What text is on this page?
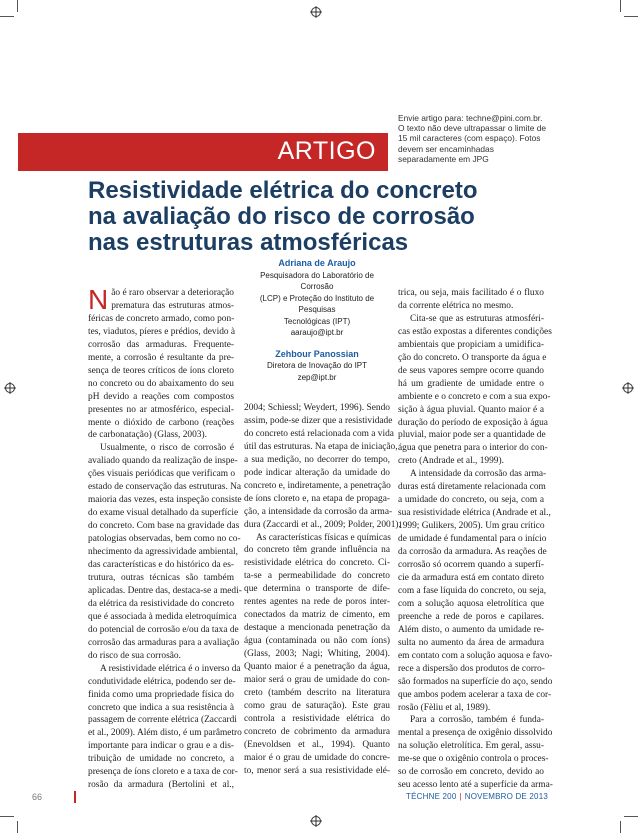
ARTIGO
Envie artigo para: techne@pini.com.br. O texto não deve ultrapassar o limite de 15 mil caracteres (com espaço). Fotos devem ser encaminhadas separadamente em JPG
Resistividade elétrica do concreto
na avaliação do risco de corrosão
nas estruturas atmosféricas
N ão é raro observar a deterioração
prematura das estruturas atmos-
féricas de concreto armado, como pon-
tes, viadutos, píeres e prédios, devido à
corrosão das armaduras. Frequente-
mente, a corrosão é resultante da pre-
sença de teores críticos de íons cloreto
no concreto ou do abaixamento do seu
pH devido a reações com compostos
presentes no ar atmosférico, especial-
mente o dióxido de carbono (reações
de carbonatação) (Glass, 2003).
Usualmente, o risco de corrosão é
avaliado quando da realização de inspe-
ções visuais periódicas que verificam o
estado de conservação das estruturas. Na
maioria das vezes, esta inspeção consiste
do exame visual detalhado da superfície
do concreto. Com base na gravidade das
patologias observadas, bem como no co-
nhecimento da agressividade ambiental,
das características e do histórico da es-
trutura, outras técnicas são também
aplicadas. Dentre das, destaca-se a medi-
da elétrica da resistividade do concreto
que é associada à medida eletroquímica
do potencial de corrosão e/ou da taxa de
corrosão das armaduras para a avaliação
do risco de sua corrosão.
A resistividade elétrica é o inverso da
condutividade elétrica, podendo ser de-
finida como uma propriedade física do
concreto que indica a sua resistência à
passagem de corrente elétrica (Zaccardi
et al., 2009). Além disto, é um parâmetro
importante para indicar o grau e a dis-
tribuição de umidade no concreto, a
presença de íons cloreto e a taxa de cor-
rosão da armadura (Bertolini et al.,
Adriana de Araujo
Pesquisadora do Laboratório de Corrosão
(LCP) e Proteção do Instituto de Pesquisas
Tecnológicas (IPT)
aaraujo@ipt.br
Zehbour Panossian
Diretora de Inovação do IPT
zep@ipt.br
2004; Schiessl; Weydert, 1996). Sendo
assim, pode-se dizer que a resistividade
do concreto está relacionada com a vida
útil das estruturas. Na etapa de iniciação,
a sua medição, no decorrer do tempo,
pode indicar alteração da umidade do
concreto e, indiretamente, a penetração
de íons cloreto e, na etapa de propaga-
ção, a intensidade da corrosão da arma-
dura (Zaccardi et al., 2009; Polder, 2001).
As características físicas e químicas
do concreto têm grande influência na
resistividade elétrica do concreto. Ci-
ta-se a permeabilidade do concreto
que determina o transporte de dife-
rentes agentes na rede de poros inter-
conectados da matriz de cimento, em
destaque a mencionada penetração da
água (contaminada ou não com íons)
(Glass, 2003; Nagi; Whiting, 2004).
Quanto maior é a penetração da água,
maior será o grau de umidade do con-
creto (também descrito na literatura
como grau de saturação). Este grau
controla a resistividade elétrica do
concreto de cobrimento da armadura
(Enevoldsen et al., 1994). Quanto
maior é o grau de umidade do concre-
to, menor será a sua resistividade elé-
trica, ou seja, mais facilitado é o fluxo
da corrente elétrica no mesmo.
Cita-se que as estruturas atmosféri-
cas estão expostas a diferentes condições
ambientais que propiciam a umidifica-
ção do concreto. O transporte da água e
de seus vapores sempre ocorre quando
há um gradiente de umidade entre o
ambiente e o concreto e com a sua expo-
sição à água pluvial. Quanto maior é a
duração do período de exposição à água
pluvial, maior pode ser a quantidade de
água que penetra para o interior do con-
creto (Andrade et al., 1999).
A intensidade da corrosão das arma-
duras está diretamente relacionada com
a umidade do concreto, ou seja, com a
sua resistividade elétrica (Andrade et al.,
1999; Gulikers, 2005). Um grau crítico
de umidade é fundamental para o início
da corrosão da armadura. As reações de
corrosão só ocorrem quando a superfí-
cie da armadura está em contato direto
com a fase líquida do concreto, ou seja,
com a solução aquosa eletrolítica que
preenche a rede de poros e capilares.
Além disto, o aumento da umidade re-
sulta no aumento da área de armadura
em contato com a solução aquosa e favo-
rece a dispersão dos produtos de corro-
são formados na superfície do aço, sendo
que ambos podem acelerar a taxa de cor-
rosão (Fèliu et al, 1989).
Para a corrosão, também é funda-
mental a presença de oxigênio dissolvido
na solução eletrolítica. Em geral, assu-
me-se que o oxigênio controla o proces-
so de corrosão em concreto, devido ao
seu acesso lento até a superfície da arma-
66	TÉCHNE 200 | NOVEMBRO DE 2013
